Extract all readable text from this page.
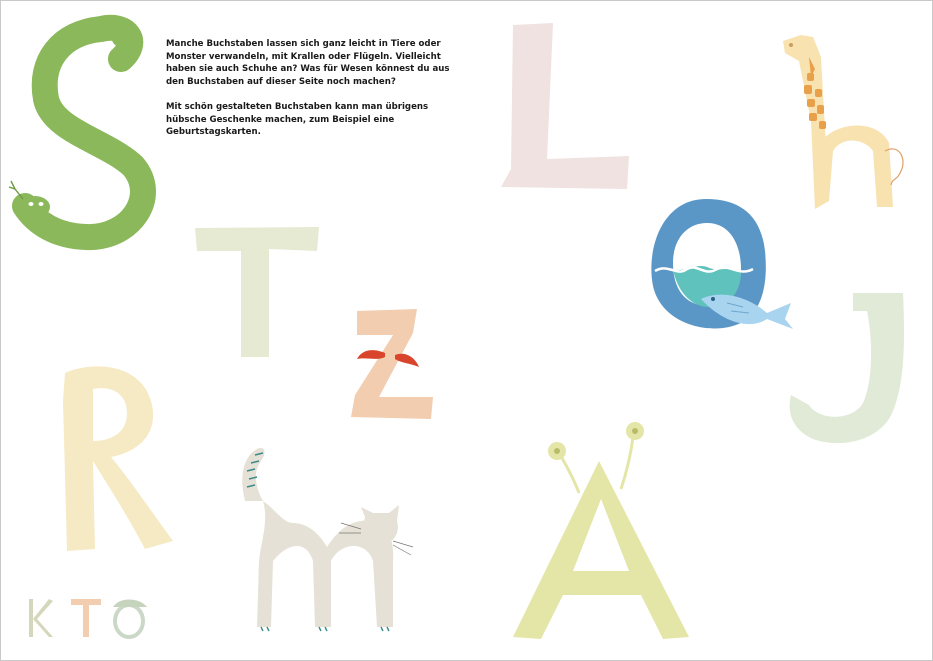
Manche Buchstaben lassen sich ganz leicht in Tiere oder Monster verwandeln, mit Krallen oder Flügeln. Vielleicht haben sie auch Schuhe an? Was für Wesen könnest du aus den Buchstaben auf dieser Seite noch machen?

Mit schön gestalteten Buchstaben kann man übrigens hübsche Geschenke machen, zum Beispiel eine Geburtstagskarten.
